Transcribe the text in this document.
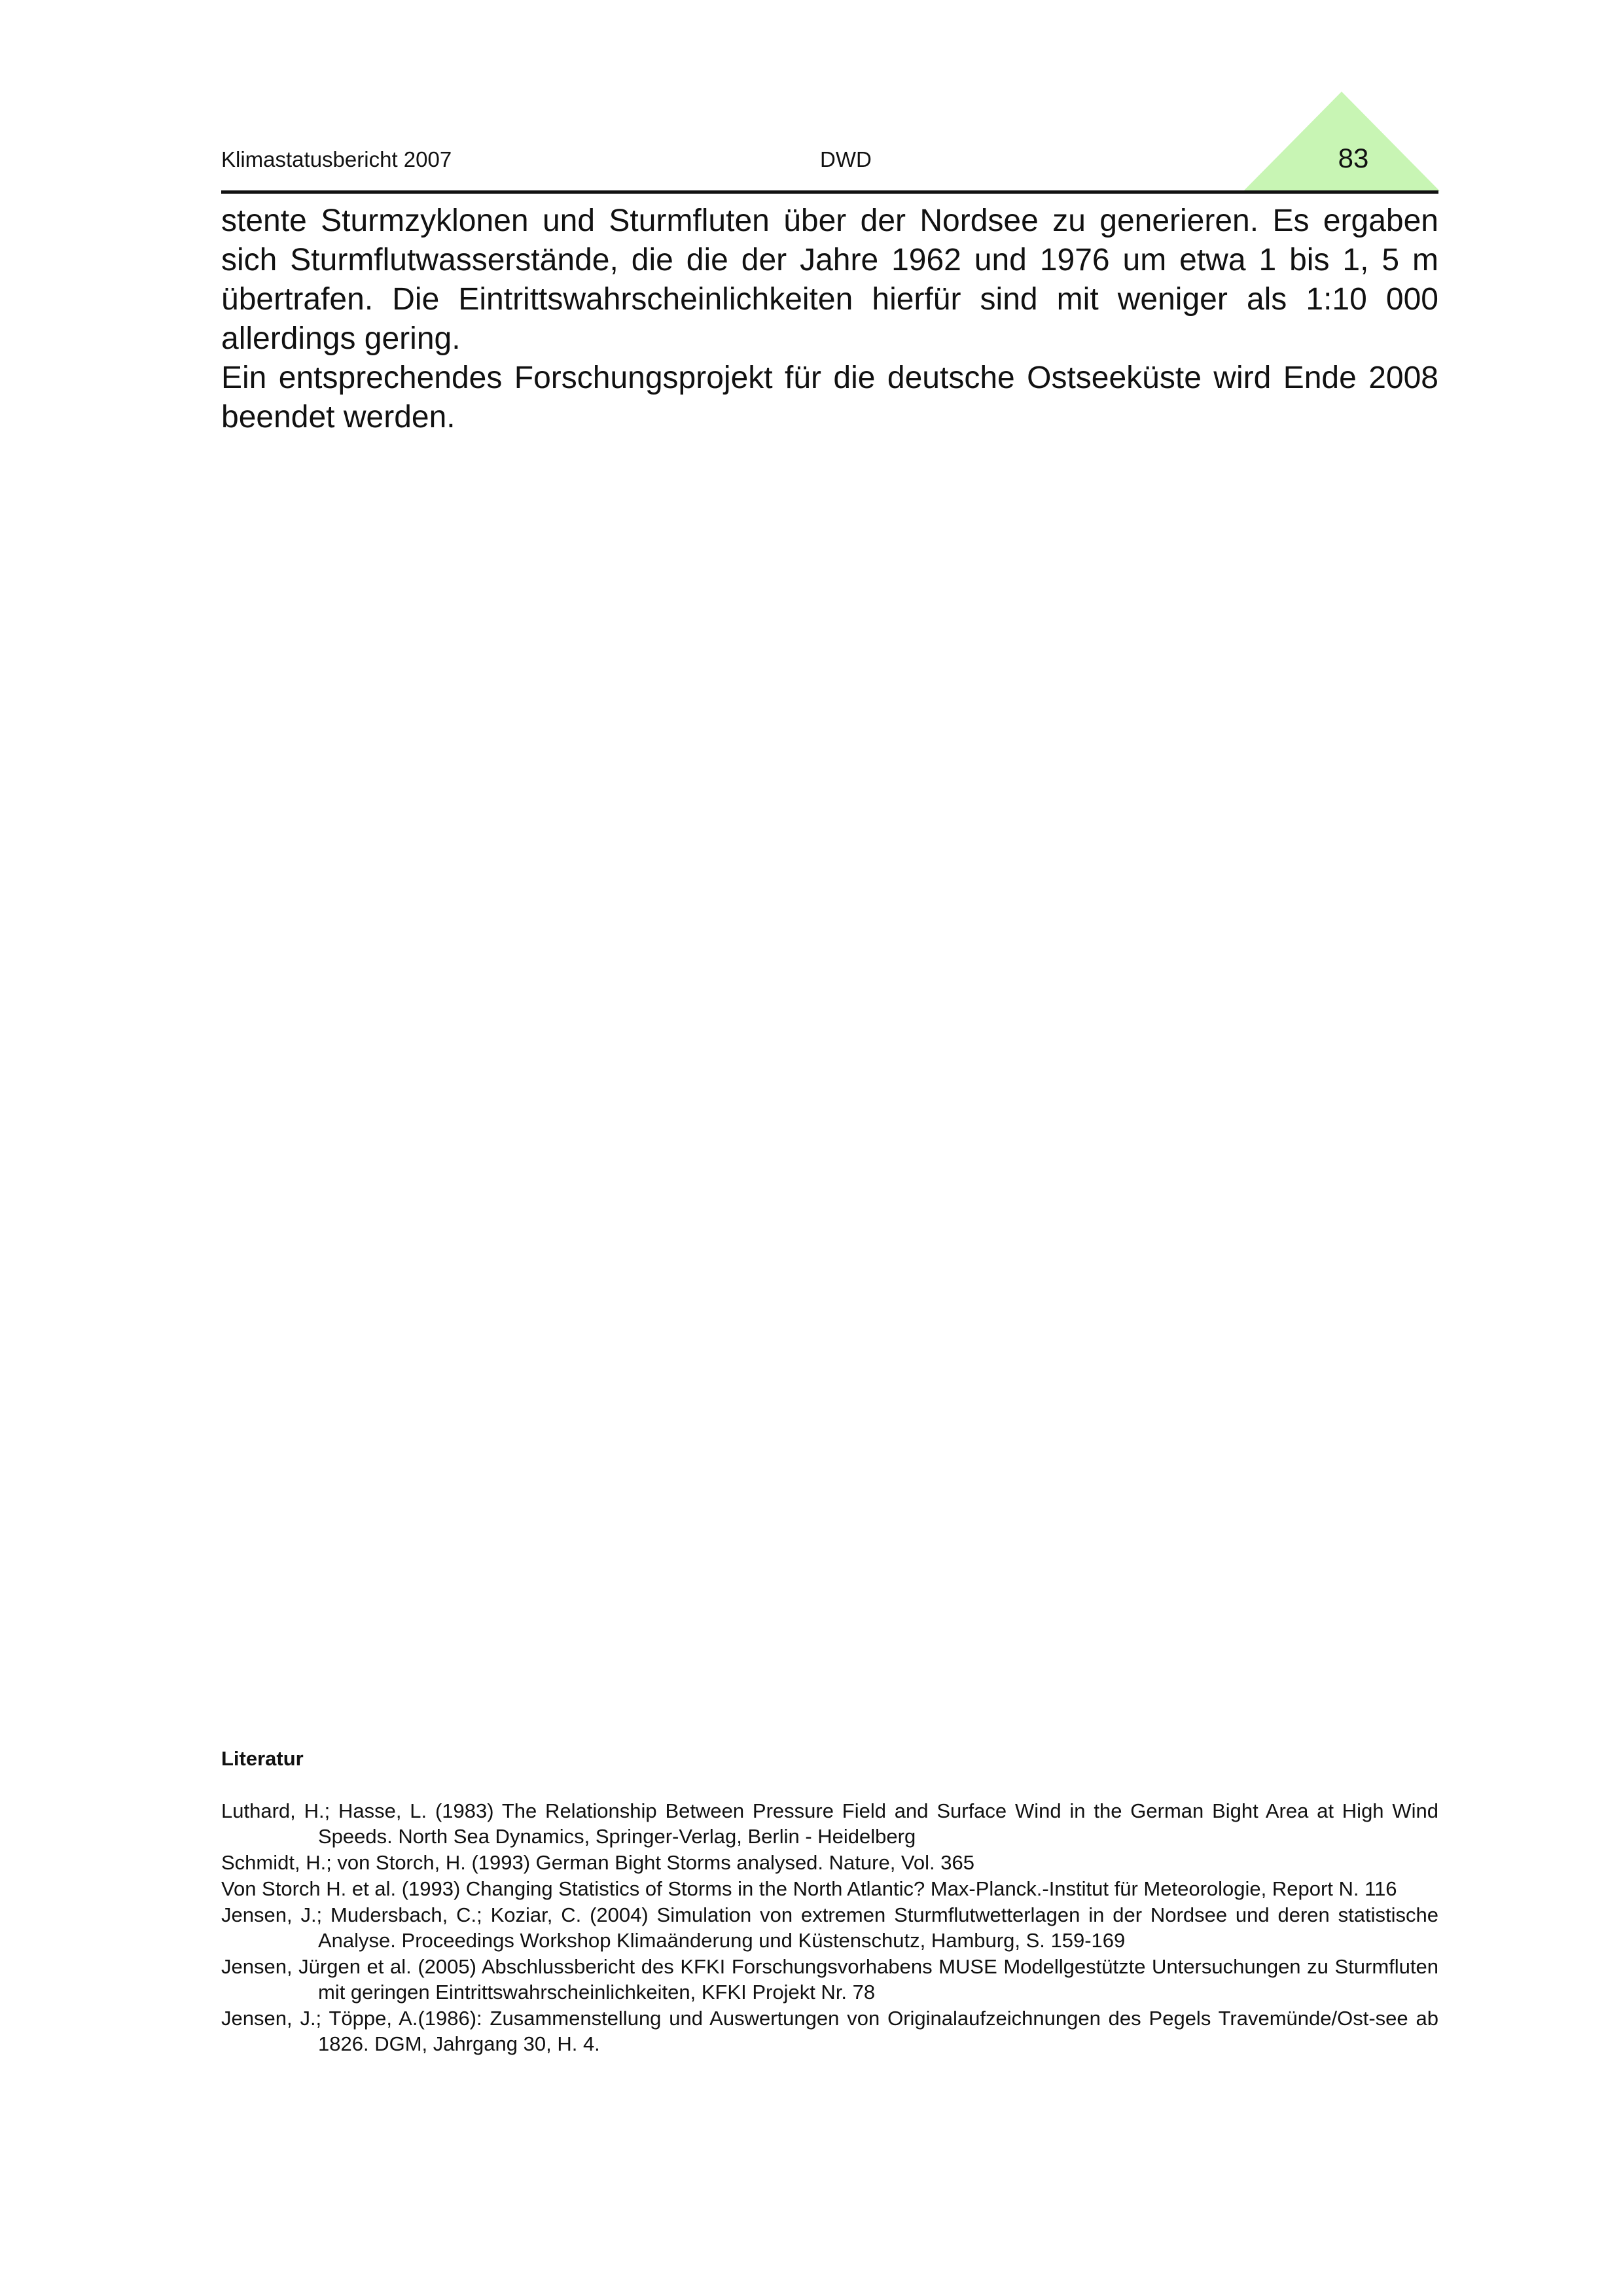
Klimastatusbericht 2007	DWD	83

stente Sturmzyklonen und Sturmfluten über der Nordsee zu generieren. Es ergaben sich Sturmflutwasserstände, die die der Jahre 1962 und 1976 um etwa 1 bis 1, 5 m übertrafen. Die Eintrittswahrscheinlichkeiten hierfür sind mit weniger als 1:10 000 allerdings gering.

Ein entsprechendes Forschungsprojekt für die deutsche Ostseeküste wird Ende 2008 beendet werden.

Literatur
Luthard, H.; Hasse, L. (1983) The Relationship Between Pressure Field and Surface Wind in the German Bight Area at High Wind Speeds. North Sea Dynamics, Springer-Verlag, Berlin - Heidelberg
Schmidt, H.; von Storch, H. (1993) German Bight Storms analysed. Nature, Vol. 365
Von Storch H. et al. (1993) Changing Statistics of Storms in the North Atlantic? Max-Planck.-Institut für Meteorologie, Report N. 116
Jensen, J.; Mudersbach, C.; Koziar, C. (2004) Simulation von extremen Sturmflutwetterlagen in der Nordsee und deren statistische Analyse. Proceedings Workshop Klimaänderung und Küstenschutz, Hamburg, S. 159-169
Jensen, Jürgen et al. (2005) Abschlussbericht des KFKI Forschungsvorhabens MUSE Modellgestützte Untersuchungen zu Sturmfluten mit geringen Eintrittswahrscheinlichkeiten, KFKI Projekt Nr. 78
Jensen, J.; Töppe, A.(1986): Zusammenstellung und Auswertungen von Originalaufzeichnungen des Pegels Travemünde/Ost-see ab 1826. DGM, Jahrgang 30, H. 4.
